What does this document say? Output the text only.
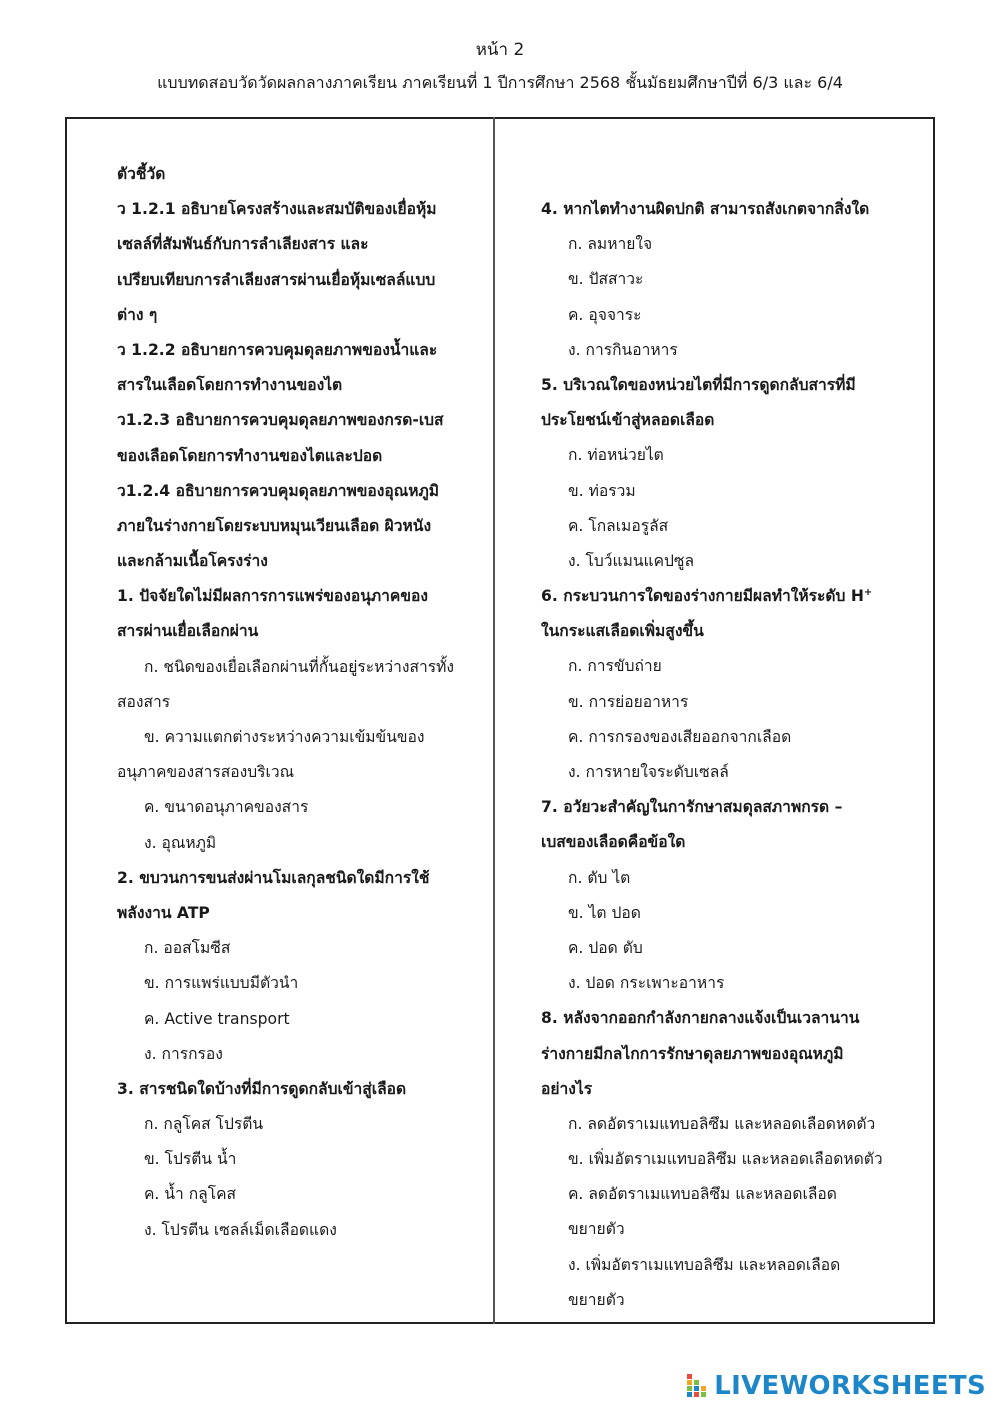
หน้า 2
แบบทดสอบวัดวัดผลกลางภาคเรียน ภาคเรียนที่ 1 ปีการศึกษา 2568 ชั้นมัธยมศึกษาปีที่ 6/3 และ 6/4
ตัวชี้วัด
ว 1.2.1 อธิบายโครงสร้างและสมบัติของเยื่อหุ้ม
เซลล์ที่สัมพันธ์กับการลำเลียงสาร และ
เปรียบเทียบการลำเลียงสารผ่านเยื่อหุ้มเซลล์แบบ
ต่าง ๆ
ว 1.2.2 อธิบายการควบคุมดุลยภาพของน้ำและ
สารในเลือดโดยการทำงานของไต
ว1.2.3 อธิบายการควบคุมดุลยภาพของกรด-เบส
ของเลือดโดยการทำงานของไตและปอด
ว1.2.4 อธิบายการควบคุมดุลยภาพของอุณหภูมิ
ภายในร่างกายโดยระบบหมุนเวียนเลือด ผิวหนัง
และกล้ามเนื้อโครงร่าง
1. ปัจจัยใดไม่มีผลการการแพร่ของอนุภาคของ
สารผ่านเยื่อเลือกผ่าน
ก. ชนิดของเยื่อเลือกผ่านที่กั้นอยู่ระหว่างสารทั้ง
สองสาร
ข. ความแตกต่างระหว่างความเข้มข้นของ
อนุภาคของสารสองบริเวณ
ค. ขนาดอนุภาคของสาร
ง. อุณหภูมิ
2. ขบวนการขนส่งผ่านโมเลกุลชนิดใดมีการใช้
พลังงาน ATP
ก. ออสโมซีส
ข. การแพร่แบบมีตัวนำ
ค. Active transport
ง. การกรอง
3. สารชนิดใดบ้างที่มีการดูดกลับเข้าสู่เลือด
ก. กลูโคส โปรตีน
ข. โปรตีน น้ำ
ค. น้ำ กลูโคส
ง. โปรตีน เซลล์เม็ดเลือดแดง
4. หากไตทำงานผิดปกติ สามารถสังเกตจากสิ่งใด
ก. ลมหายใจ
ข. ปัสสาวะ
ค. อุจจาระ
ง. การกินอาหาร
5. บริเวณใดของหน่วยไตที่มีการดูดกลับสารที่มี
ประโยชน์เข้าสู่หลอดเลือด
ก. ท่อหน่วยไต
ข. ท่อรวม
ค. โกลเมอรูลัส
ง. โบว์แมนแคปซูล
6. กระบวนการใดของร่างกายมีผลทำให้ระดับ H+
ในกระแสเลือดเพิ่มสูงขึ้น
ก. การขับถ่าย
ข. การย่อยอาหาร
ค. การกรองของเสียออกจากเลือด
ง. การหายใจระดับเซลล์
7. อวัยวะสำคัญในการักษาสมดุลสภาพกรด –
เบสของเลือดคือข้อใด
ก. ตับ ไต
ข. ไต ปอด
ค. ปอด ตับ
ง. ปอด กระเพาะอาหาร
8. หลังจากออกกำลังกายกลางแจ้งเป็นเวลานาน
ร่างกายมีกลไกการรักษาดุลยภาพของอุณหภูมิ
อย่างไร
ก. ลดอัตราเมแทบอลิซึม และหลอดเลือดหดตัว
ข. เพิ่มอัตราเมแทบอลิซึม และหลอดเลือดหดตัว
ค. ลดอัตราเมแทบอลิซึม และหลอดเลือด
ขยายตัว
ง. เพิ่มอัตราเมแทบอลิซึม และหลอดเลือด
ขยายตัว
LIVEWORKSHEETS
